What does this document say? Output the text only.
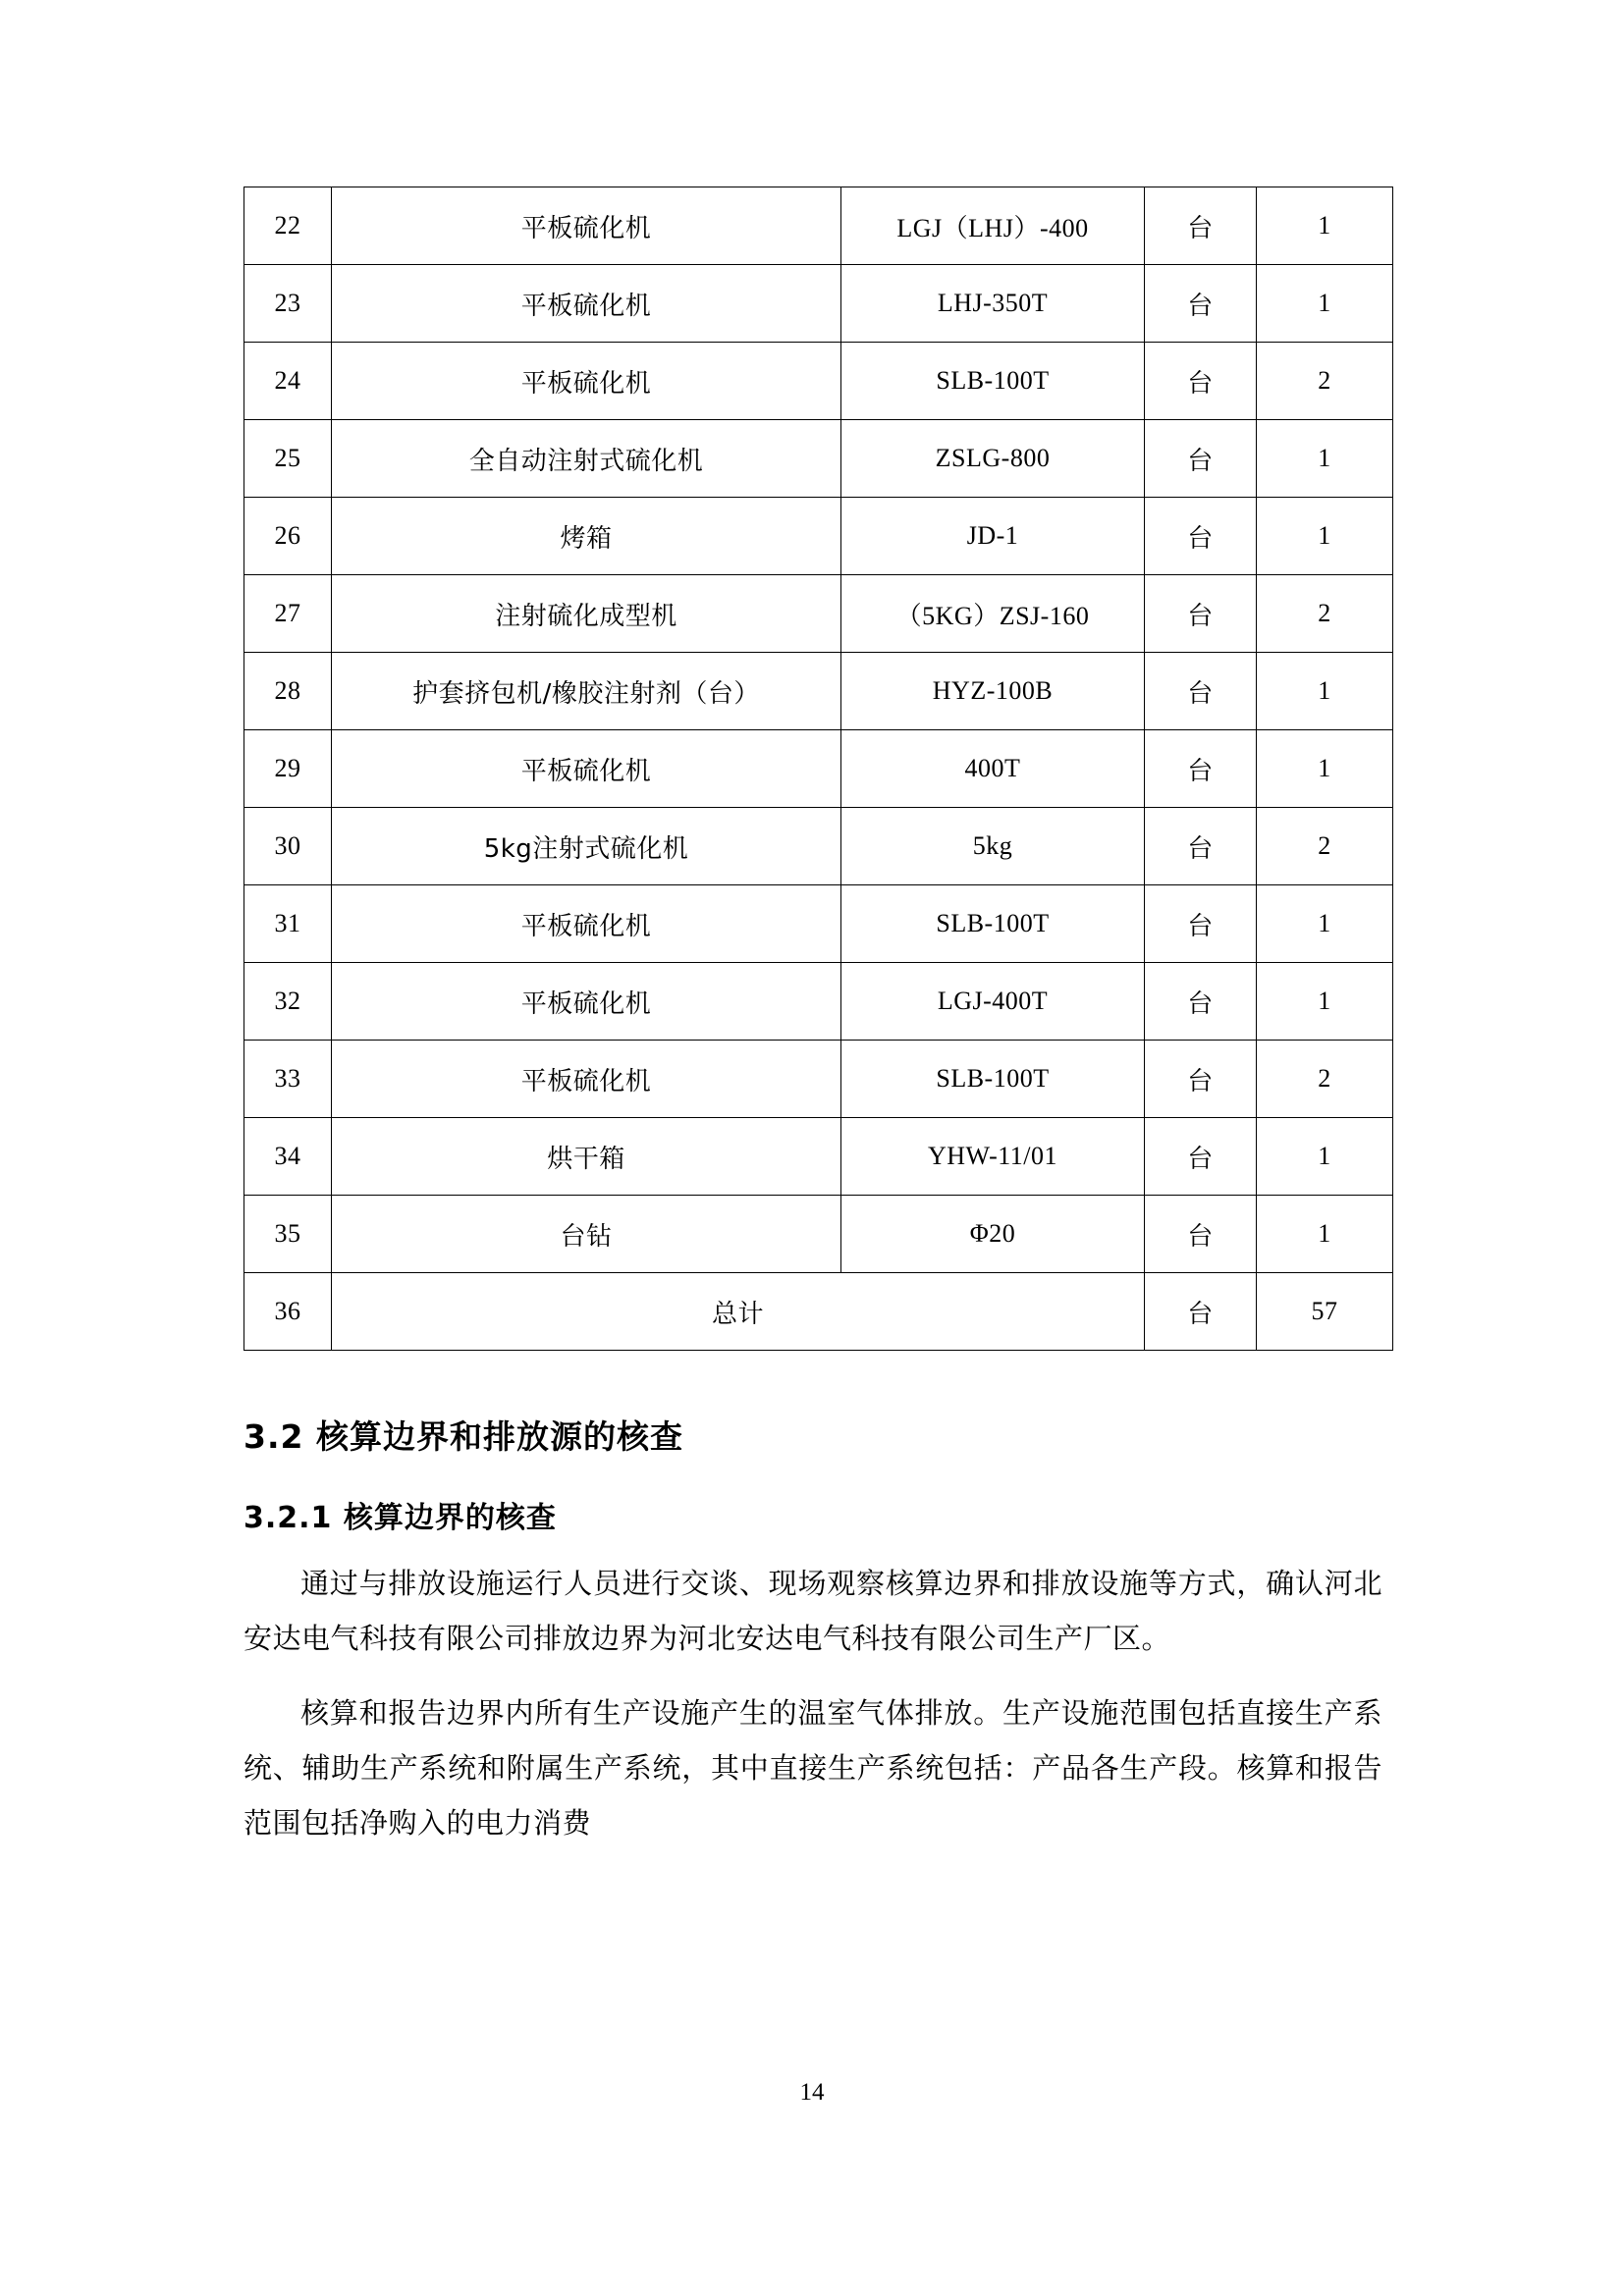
22	平板硫化机	LGJ（LHJ）-400	台	1
23	平板硫化机	LHJ-350T	台	1
24	平板硫化机	SLB-100T	台	2
25	全自动注射式硫化机	ZSLG-800	台	1
26	烤箱	JD-1	台	1
27	注射硫化成型机	（5KG）ZSJ-160	台	2
28	护套挤包机/橡胶注射剂（台）	HYZ-100B	台	1
29	平板硫化机	400T	台	1
30	5kg注射式硫化机	5kg	台	2
31	平板硫化机	SLB-100T	台	1
32	平板硫化机	LGJ-400T	台	1
33	平板硫化机	SLB-100T	台	2
34	烘干箱	YHW-11/01	台	1
35	台钻	Φ20	台	1
36	总计		台	57
3.2 核算边界和排放源的核查
3.2.1 核算边界的核查

通过与排放设施运行人员进行交谈、现场观察核算边界和排放设施等方式，确认河北安达电气科技有限公司排放边界为河北安达电气科技有限公司生产厂区。

核算和报告边界内所有生产设施产生的温室气体排放。生产设施范围包括直接生产系统、辅助生产系统和附属生产系统，其中直接生产系统包括：产品各生产段。核算和报告范围包括净购入的电力消费

14
